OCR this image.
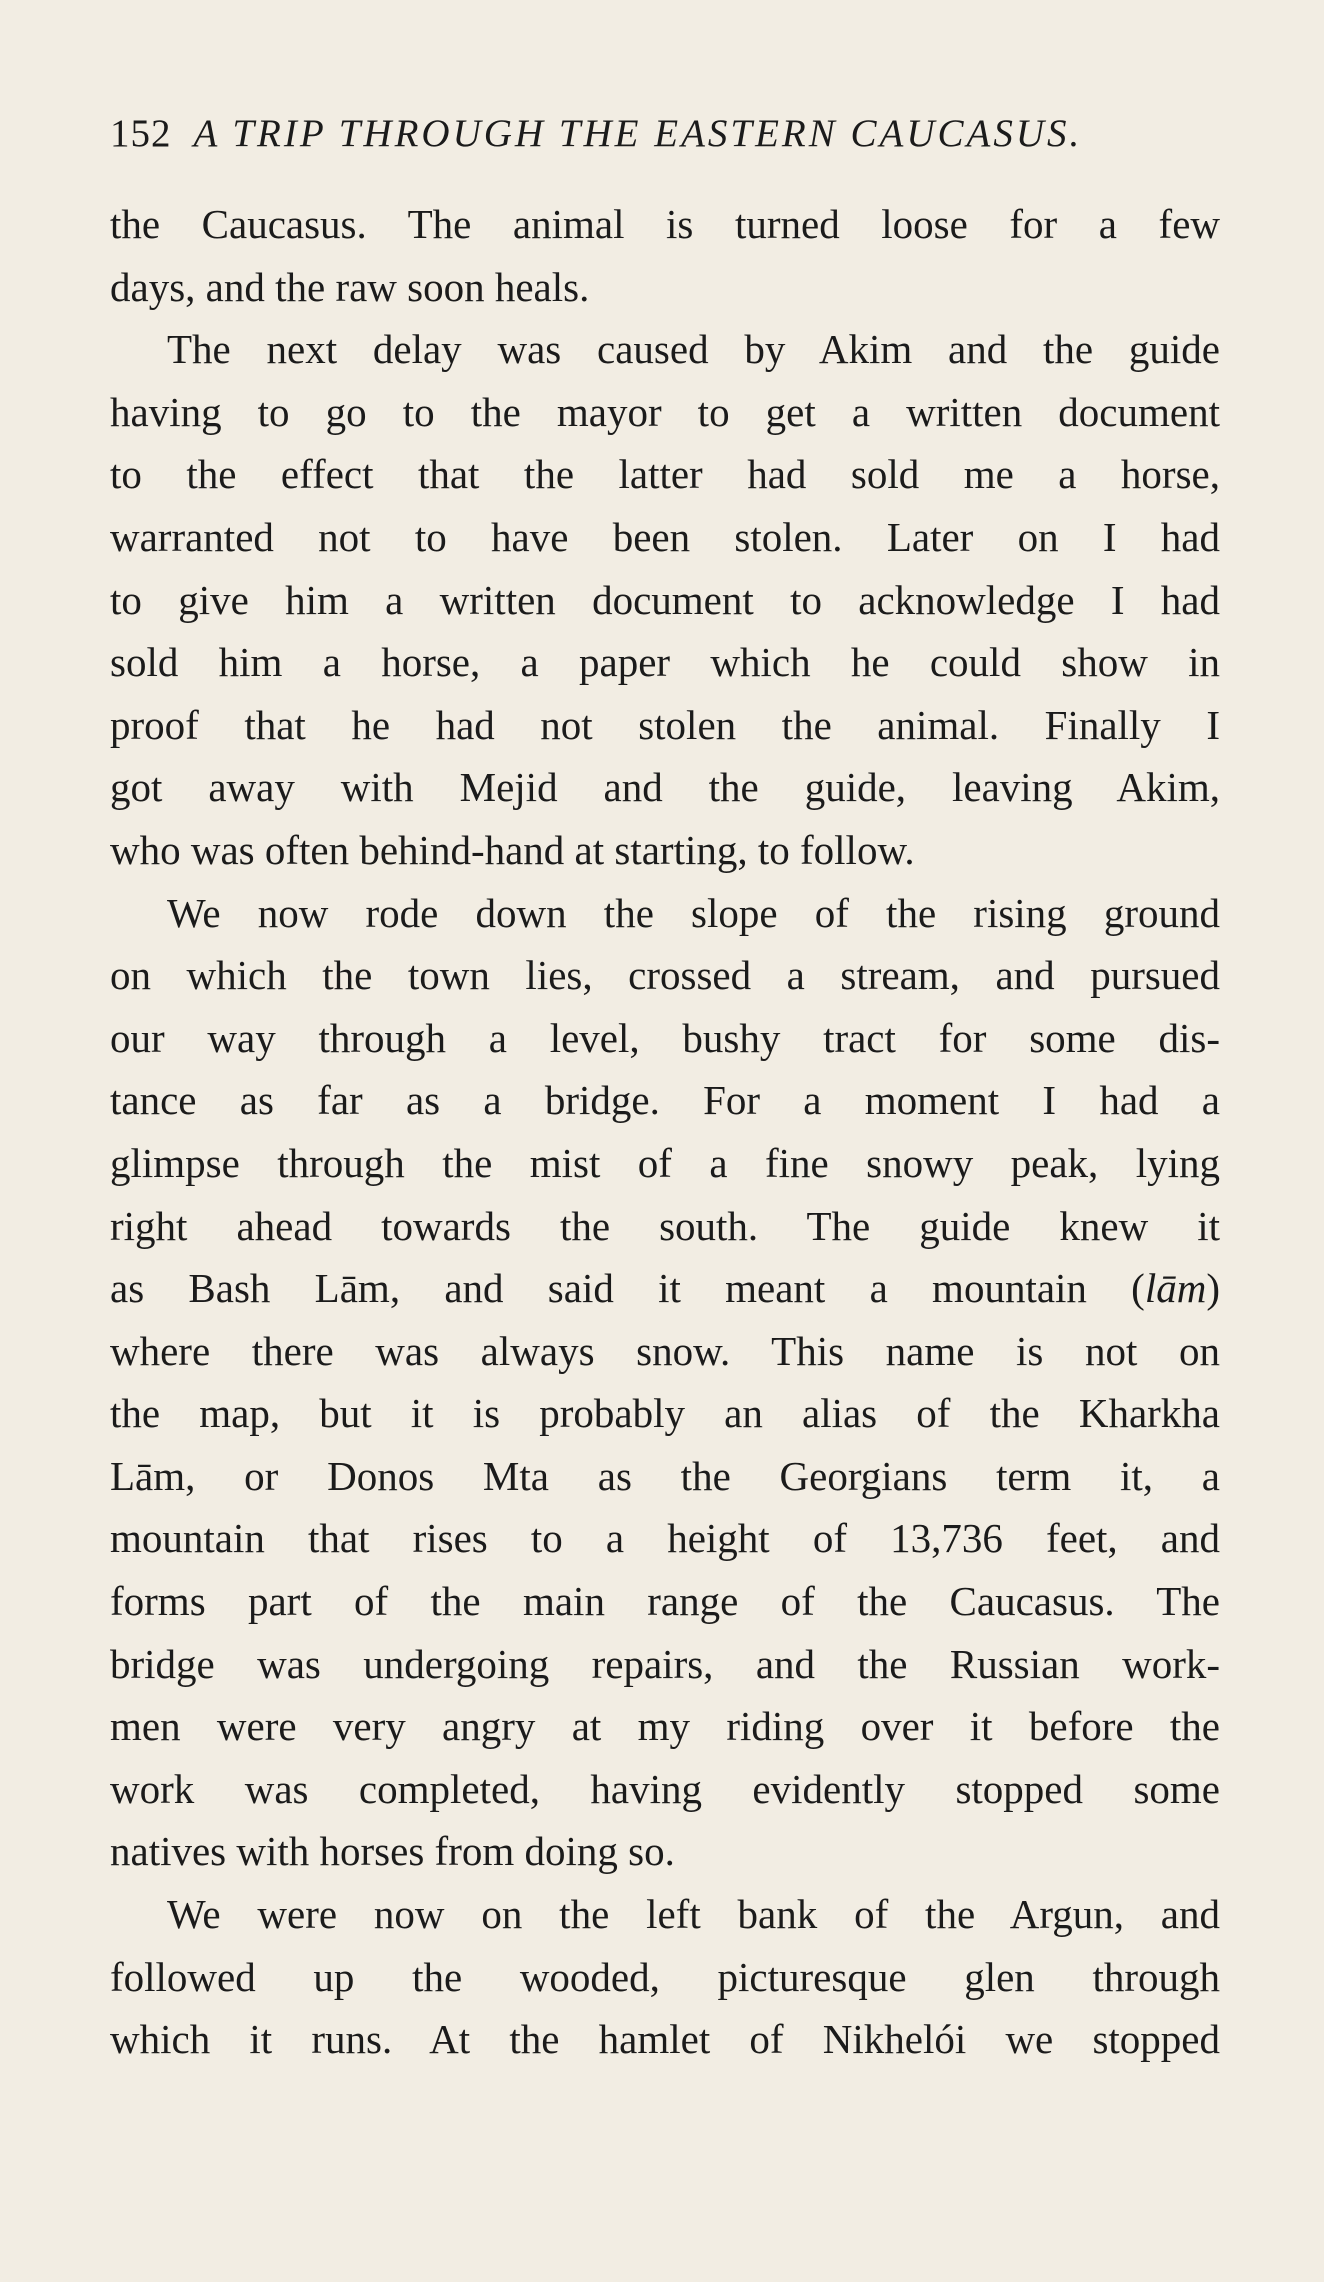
152 A TRIP THROUGH THE EASTERN CAUCASUS.
the Caucasus. The animal is turned loose for a few
days, and the raw soon heals.
The next delay was caused by Akim and the guide
having to go to the mayor to get a written document
to the effect that the latter had sold me a horse,
warranted not to have been stolen. Later on I had
to give him a written document to acknowledge I had
sold him a horse, a paper which he could show in
proof that he had not stolen the animal. Finally I
got away with Mejid and the guide, leaving Akim,
who was often behind-hand at starting, to follow.
We now rode down the slope of the rising ground
on which the town lies, crossed a stream, and pursued
our way through a level, bushy tract for some dis-
tance as far as a bridge. For a moment I had a
glimpse through the mist of a fine snowy peak, lying
right ahead towards the south. The guide knew it
as Bash Lām, and said it meant a mountain (lām)
where there was always snow. This name is not on
the map, but it is probably an alias of the Kharkha
Lām, or Donos Mta as the Georgians term it, a
mountain that rises to a height of 13,736 feet, and
forms part of the main range of the Caucasus. The
bridge was undergoing repairs, and the Russian work-
men were very angry at my riding over it before the
work was completed, having evidently stopped some
natives with horses from doing so.
We were now on the left bank of the Argun, and
followed up the wooded, picturesque glen through
which it runs. At the hamlet of Nikhelói we stopped
